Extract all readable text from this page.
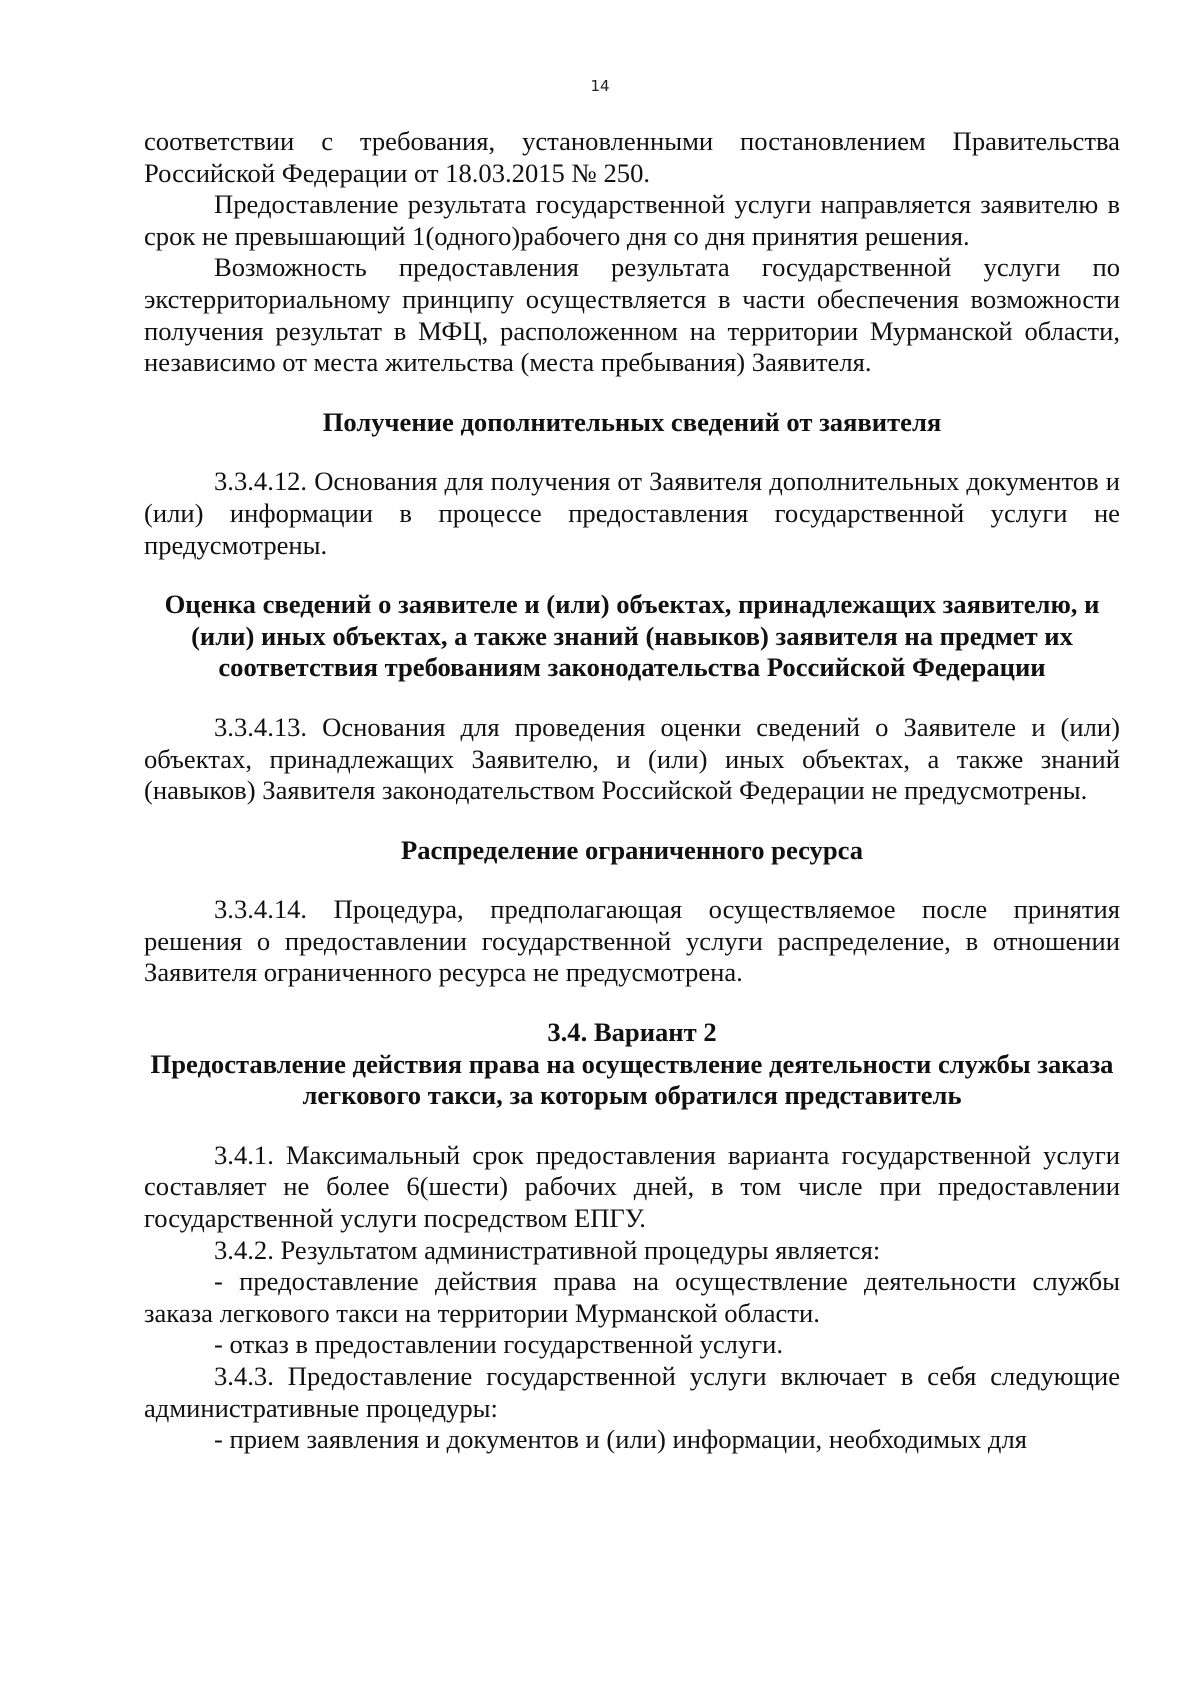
14

соответствии с требования, установленными постановлением Правительства Российской Федерации от 18.03.2015 № 250.

Предоставление результата государственной услуги направляется заявителю в срок не превышающий 1(одного)рабочего дня со дня принятия решения.

Возможность предоставления результата государственной услуги по экстерриториальному принципу осуществляется в части обеспечения возможности получения результат в МФЦ, расположенном на территории Мурманской области, независимо от места жительства (места пребывания) Заявителя.

Получение дополнительных сведений от заявителя

3.3.4.12. Основания для получения от Заявителя дополнительных документов и (или) информации в процессе предоставления государственной услуги не предусмотрены.

Оценка сведений о заявителе и (или) объектах, принадлежащих заявителю, и (или) иных объектах, а также знаний (навыков) заявителя на предмет их соответствия требованиям законодательства Российской Федерации

3.3.4.13. Основания для проведения оценки сведений о Заявителе и (или) объектах, принадлежащих Заявителю, и (или) иных объектах, а также знаний (навыков) Заявителя законодательством Российской Федерации не предусмотрены.

Распределение ограниченного ресурса

3.3.4.14. Процедура, предполагающая осуществляемое после принятия решения о предоставлении государственной услуги распределение, в отношении Заявителя ограниченного ресурса не предусмотрена.

3.4. Вариант 2

Предоставление действия права на осуществление деятельности службы заказа легкового такси, за которым обратился представитель

3.4.1. Максимальный срок предоставления варианта государственной услуги составляет не более 6(шести) рабочих дней, в том числе при предоставлении государственной услуги посредством ЕПГУ.

3.4.2. Результатом административной процедуры является:

- предоставление действия права на осуществление деятельности службы заказа легкового такси на территории Мурманской области.

- отказ в предоставлении государственной услуги.

3.4.3. Предоставление государственной услуги включает в себя следующие административные процедуры:

- прием заявления и документов и (или) информации, необходимых для
